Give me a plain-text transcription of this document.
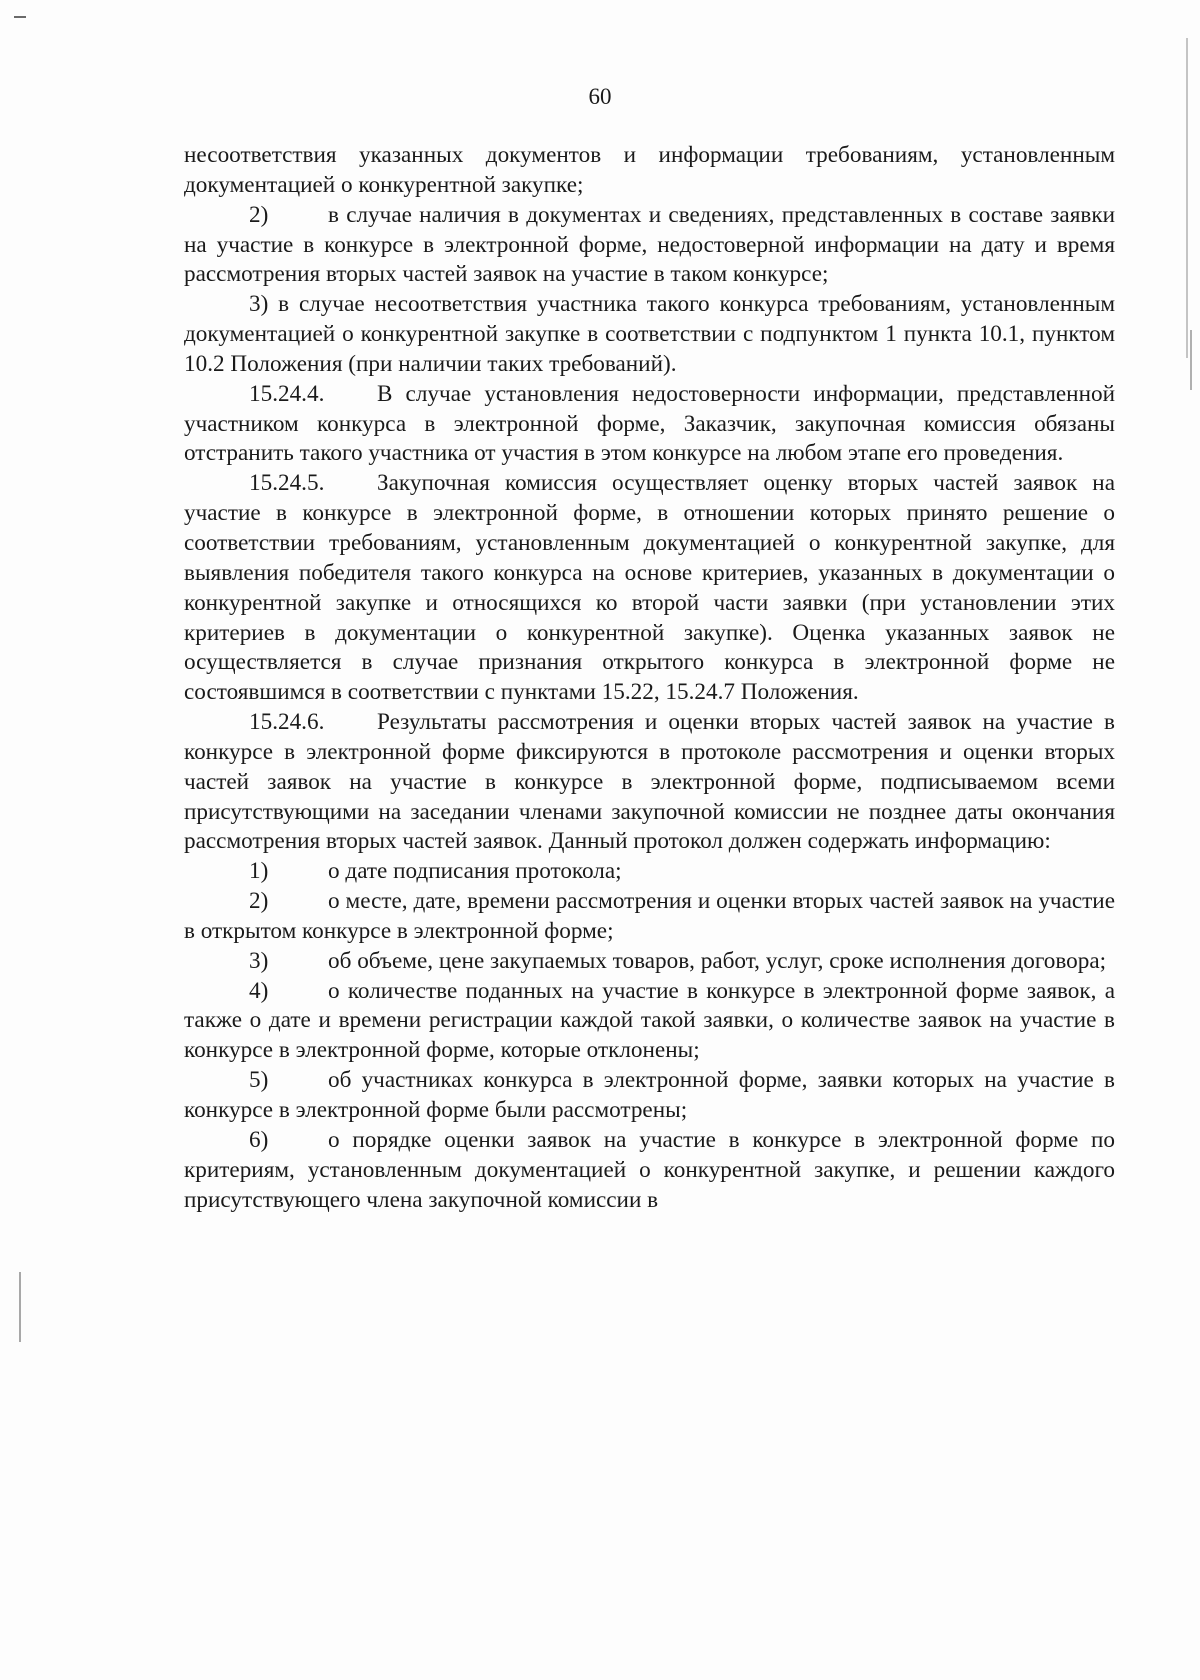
60

несоответствия указанных документов и информации требованиям, установленным документацией о конкурентной закупке;

2)	в случае наличия в документах и сведениях, представленных в составе заявки на участие в конкурсе в электронной форме, недостоверной информации на дату и время рассмотрения вторых частей заявок на участие в таком конкурсе;

3) в случае несоответствия участника такого конкурса требованиям, установленным документацией о конкурентной закупке в соответствии с подпунктом 1 пункта 10.1, пунктом 10.2 Положения (при наличии таких требований).

15.24.4. В случае установления недостоверности информации, представленной участником конкурса в электронной форме, Заказчик, закупочная комиссия обязаны отстранить такого участника от участия в этом конкурсе на любом этапе его проведения.

15.24.5. Закупочная комиссия осуществляет оценку вторых частей заявок на участие в конкурсе в электронной форме, в отношении которых принято решение о соответствии требованиям, установленным документацией о конкурентной закупке, для выявления победителя такого конкурса на основе критериев, указанных в документации о конкурентной закупке и относящихся ко второй части заявки (при установлении этих критериев в документации о конкурентной закупке). Оценка указанных заявок не осуществляется в случае признания открытого конкурса в электронной форме не состоявшимся в соответствии с пунктами 15.22, 15.24.7 Положения.

15.24.6. Результаты рассмотрения и оценки вторых частей заявок на участие в конкурсе в электронной форме фиксируются в протоколе рассмотрения и оценки вторых частей заявок на участие в конкурсе в электронной форме, подписываемом всеми присутствующими на заседании членами закупочной комиссии не позднее даты окончания рассмотрения вторых частей заявок. Данный протокол должен содержать информацию:

1)	о дате подписания протокола;

2)	о месте, дате, времени рассмотрения и оценки вторых частей заявок на участие в открытом конкурсе в электронной форме;

3)	об объеме, цене закупаемых товаров, работ, услуг, сроке исполнения договора;

4)	о количестве поданных на участие в конкурсе в электронной форме заявок, а также о дате и времени регистрации каждой такой заявки, о количестве заявок на участие в конкурсе в электронной форме, которые отклонены;

5)	об участниках конкурса в электронной форме, заявки которых на участие в конкурсе в электронной форме были рассмотрены;

6)	о порядке оценки заявок на участие в конкурсе в электронной форме по критериям, установленным документацией о конкурентной закупке, и решении каждого присутствующего члена закупочной комиссии в
